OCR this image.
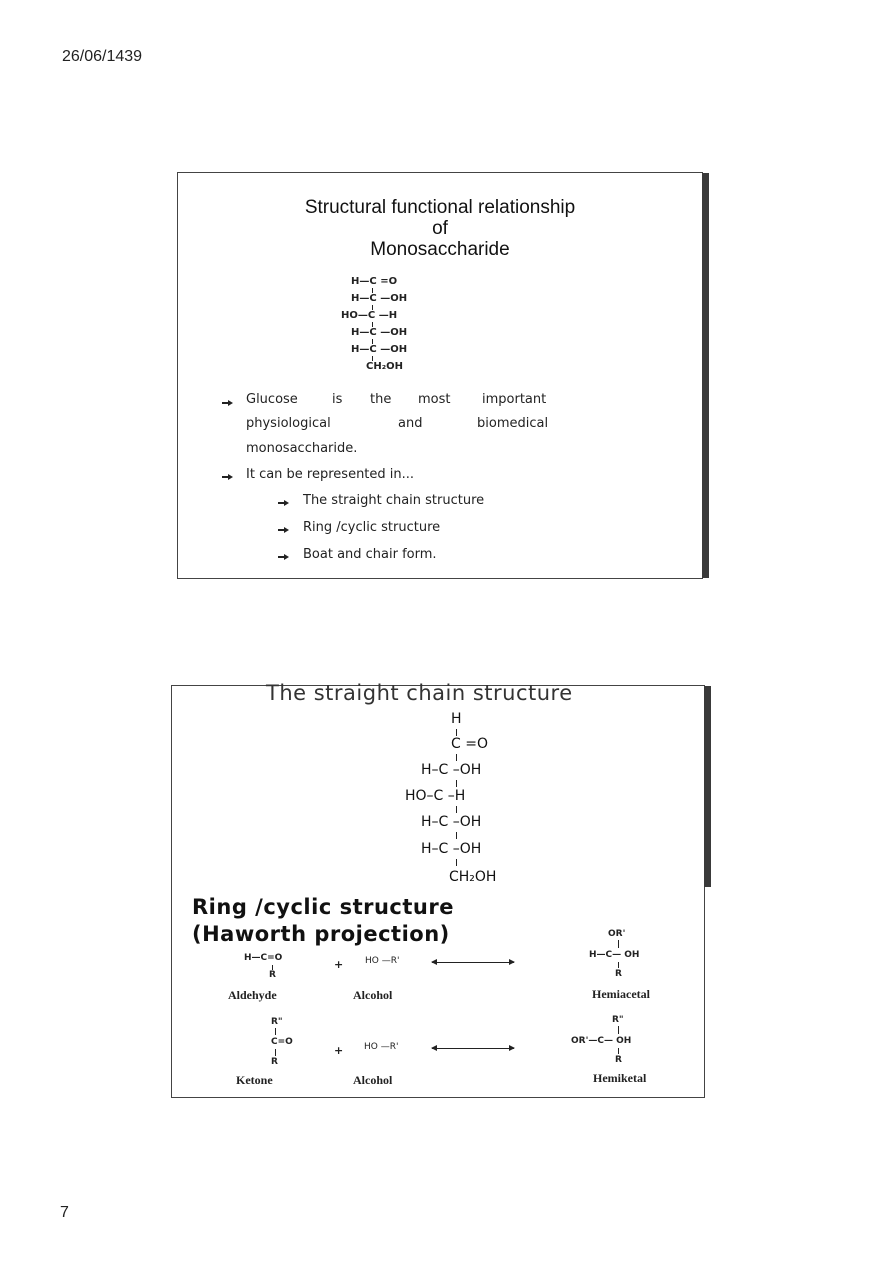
26/06/1439
Structural functional relationship
of
Monosaccharide
H—C =O
H—C —OH
HO—C —H
H—C —OH
H—C —OH
CH₂OH
Glucose	is the most important
physiological	and	biomedical
monosaccharide.
It can be represented in...
The straight chain structure
Ring /cyclic structure
Boat and chair form.
The straight chain structure
H
C =O
H–C –OH
HO–C –H
H–C –OH
H–C –OH
CH₂OH
Ring /cyclic structure
(Haworth projection)
H—C=O
R
+ HO —R'
OR'
H—C— OH
R
Aldehyde	Alcohol	Hemiacetal
R"
C=O
R
+ HO —R'
R"
OR'—C— OH
R
Ketone	Alcohol	Hemiketal
7
